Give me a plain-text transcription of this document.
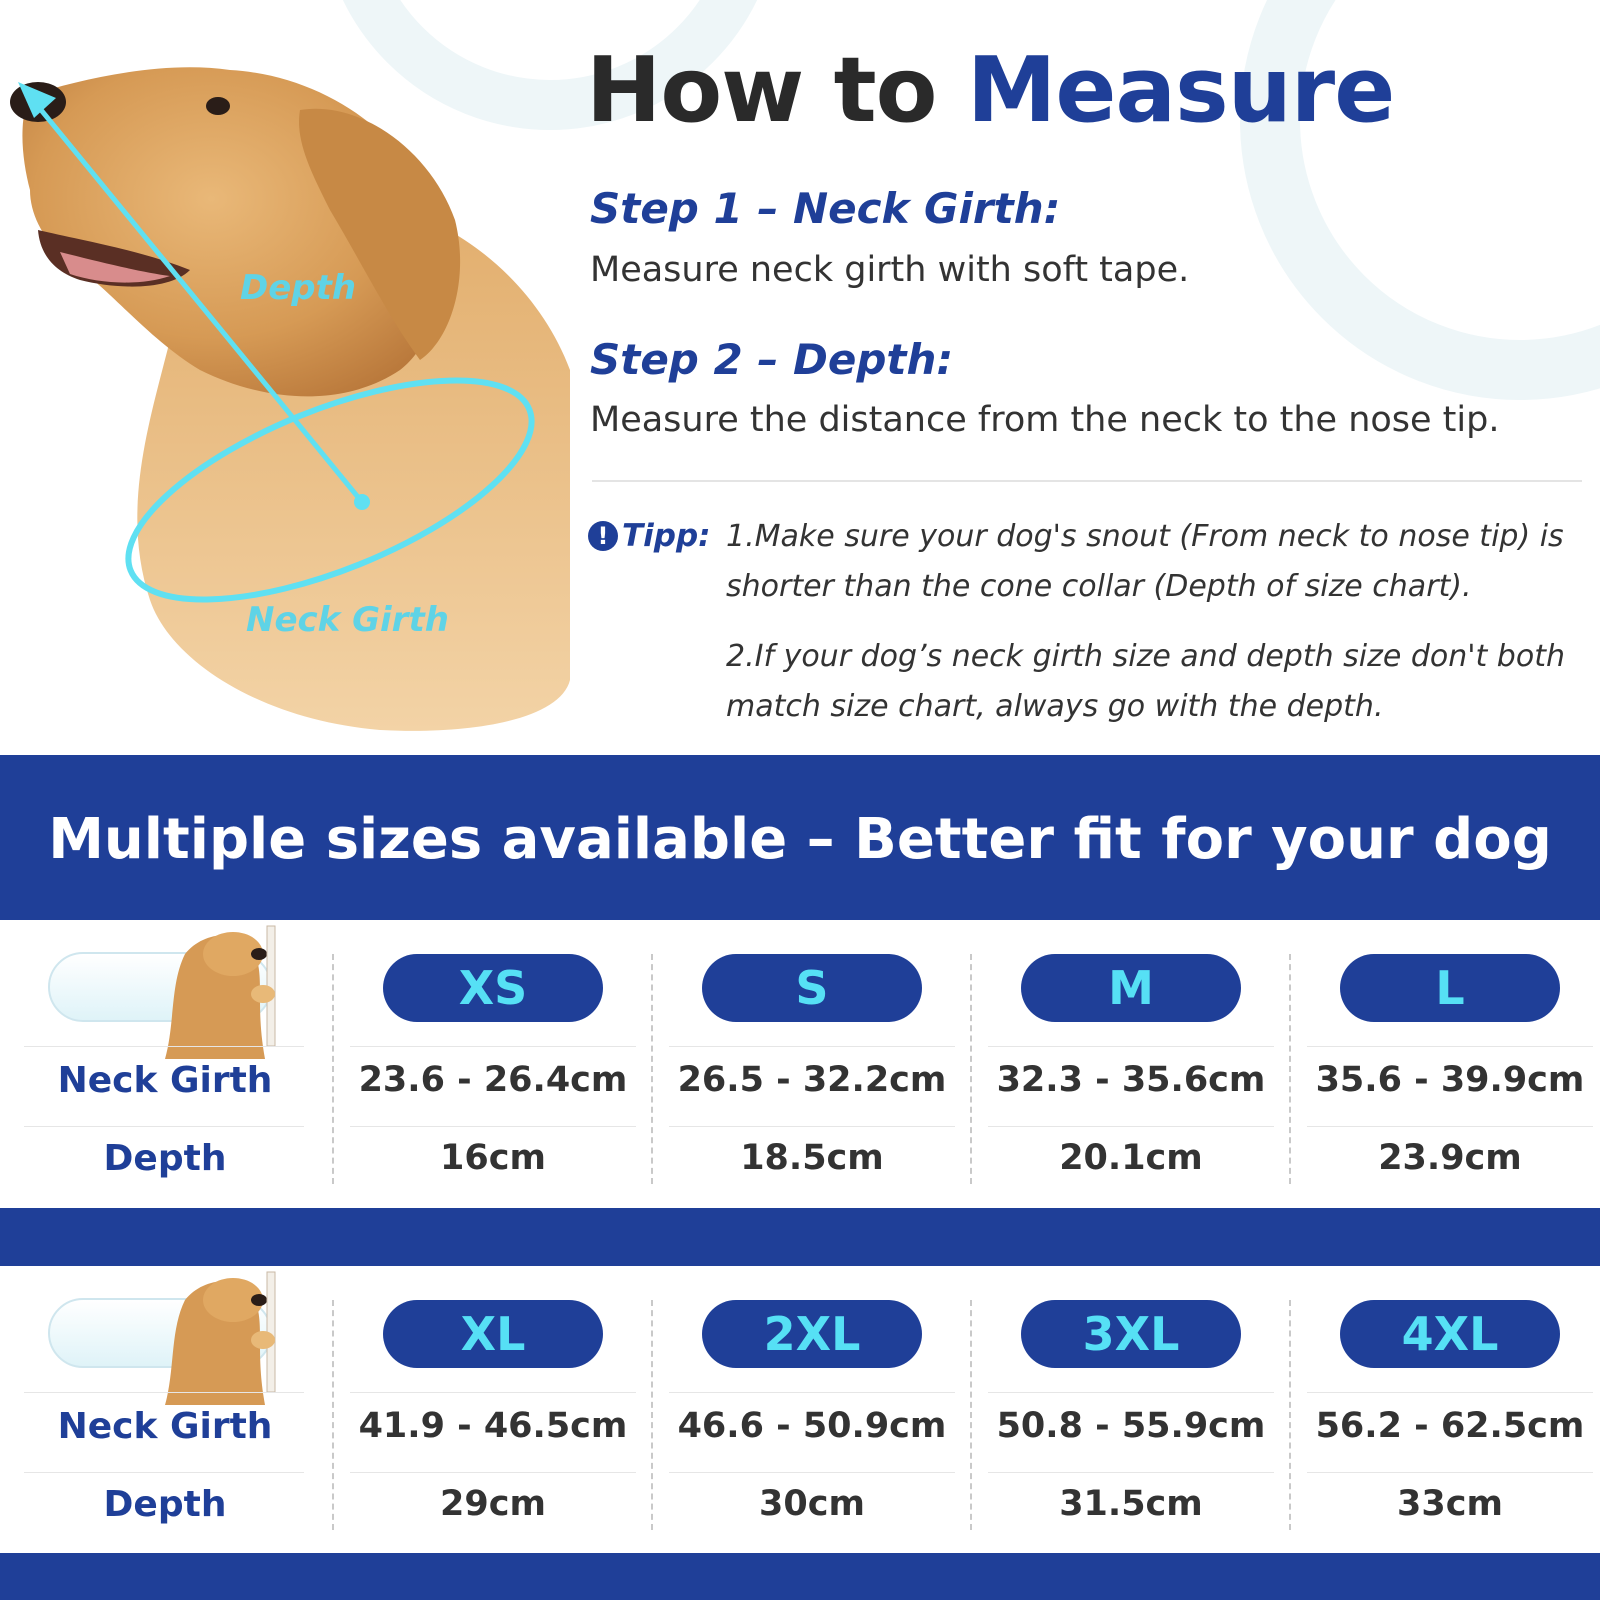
Depth
Neck Girth
How to Measure
Step 1 – Neck Girth:
Measure neck girth with soft tape.
Step 2 – Depth:
Measure the distance from the neck to the nose tip.
! Tipp: 1.Make sure your dog's snout (From neck to nose tip) is shorter than the cone collar (Depth of size chart).
2.If your dog’s neck girth size and depth size don't both match size chart, always go with the depth.
Multiple sizes available – Better fit for your dog
Neck Girth
Depth
XS
23.6 - 26.4cm
16cm
S
26.5 - 32.2cm
18.5cm
M
32.3 - 35.6cm
20.1cm
L
35.6 - 39.9cm
23.9cm
Neck Girth
Depth
XL
41.9 - 46.5cm
29cm
2XL
46.6 - 50.9cm
30cm
3XL
50.8 - 55.9cm
31.5cm
4XL
56.2 - 62.5cm
33cm
